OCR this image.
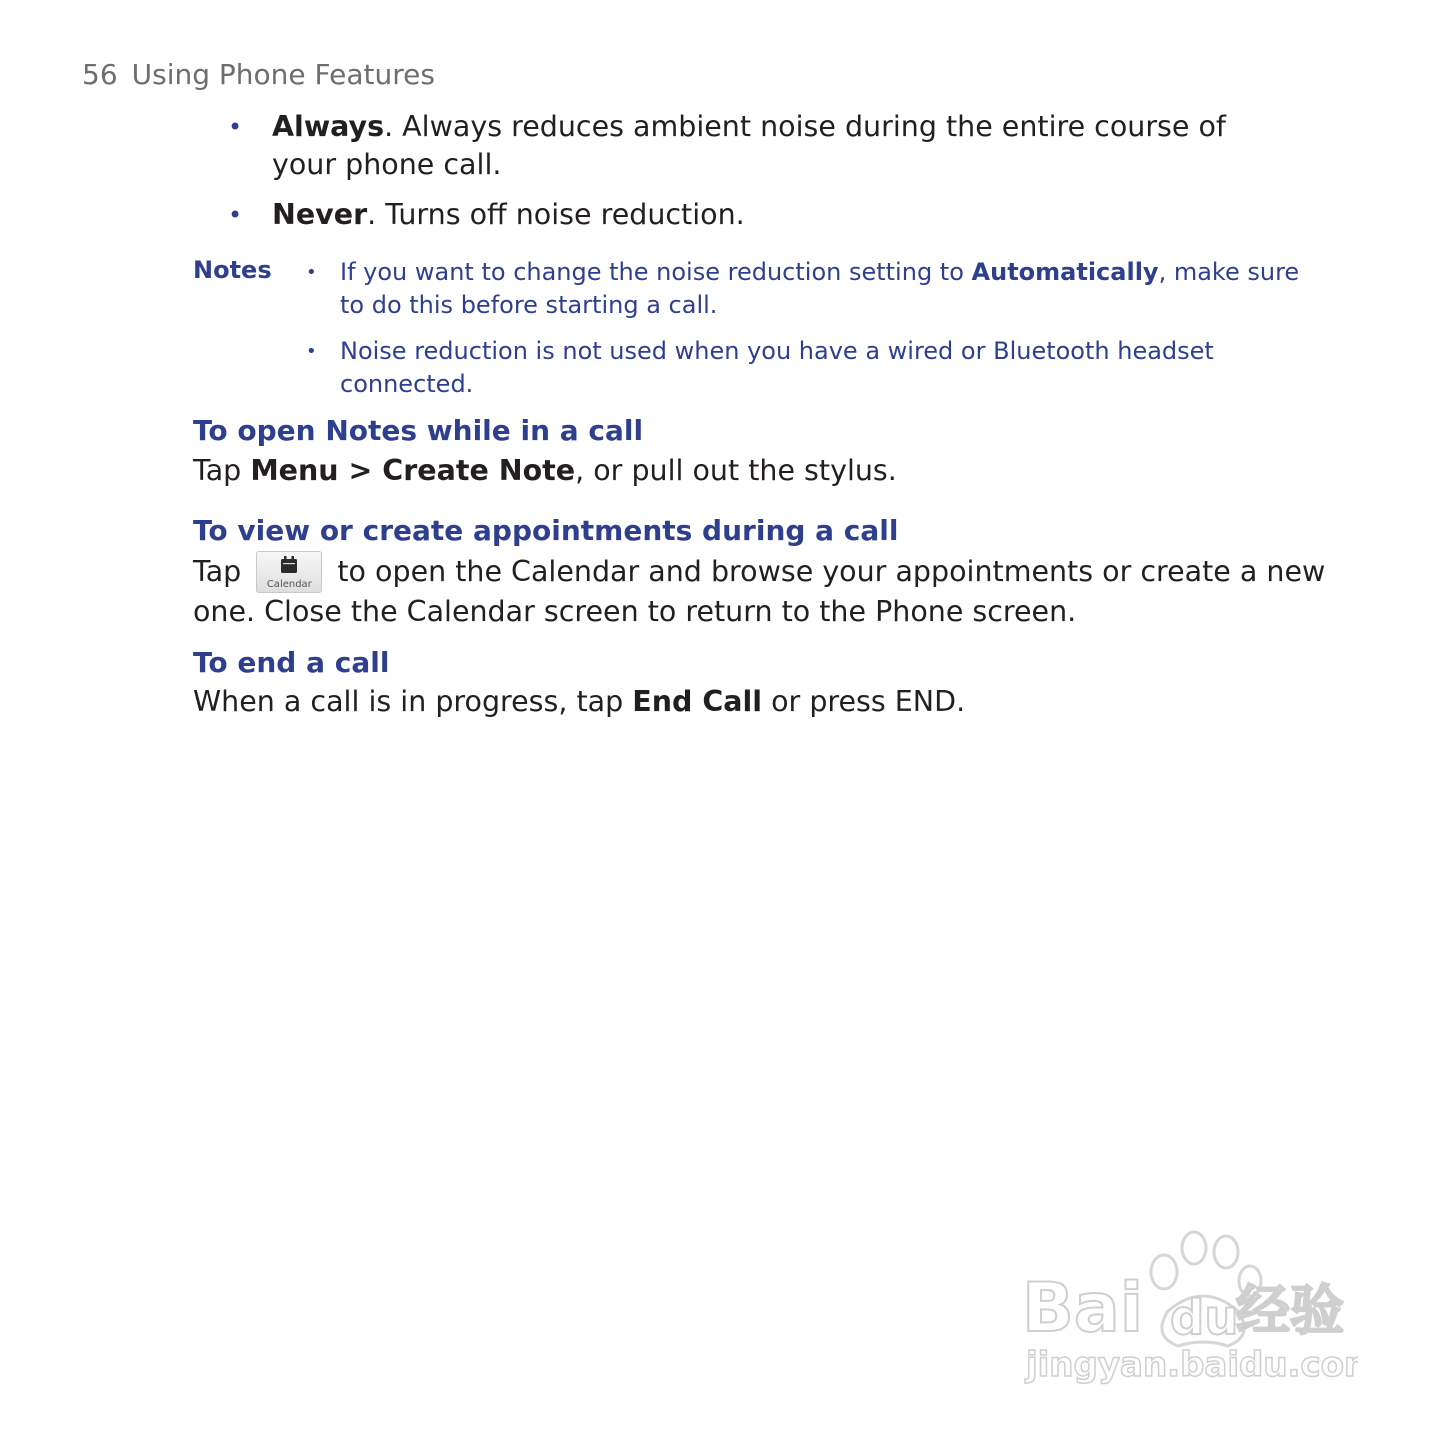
56 Using Phone Features
• Always. Always reduces ambient noise during the entire course of your phone call.
• Never. Turns off noise reduction.
Notes • If you want to change the noise reduction setting to Automatically, make sure to do this before starting a call.
• Noise reduction is not used when you have a wired or Bluetooth headset connected.
To open Notes while in a call
Tap Menu > Create Note, or pull out the stylus.
To view or create appointments during a call
Tap	Calendar to open the Calendar and browse your appointments or create a new one. Close the Calendar screen to return to the Phone screen.
To end a call
When a call is in progress, tap End Call or press END.
Bai du
经验
jingyan.baidu.com
